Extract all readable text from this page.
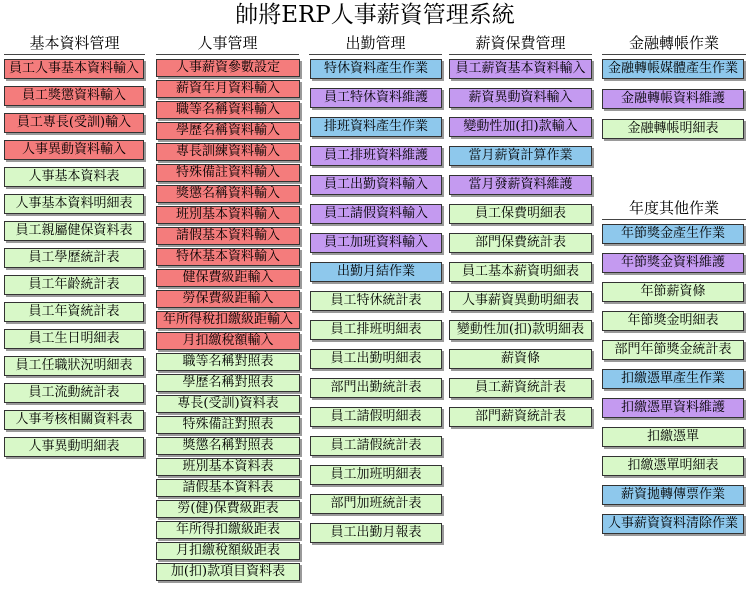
帥將ERP人事薪資管理系統
基本資料管理
員工人事基本資料輸入
員工獎懲資料輸入
員工專長(受訓)輸入
人事異動資料輸入
人事基本資料表
人事基本資料明細表
員工親屬健保資料表
員工學歷統計表
員工年齡統計表
員工年資統計表
員工生日明細表
員工任職狀況明細表
員工流動統計表
人事考核相關資料表
人事異動明細表
人事管理
人事薪資參數設定
薪資年月資料輸入
職等名稱資料輸入
學歷名稱資料輸入
專長訓練資料輸入
特殊備註資料輸入
獎懲名稱資料輸入
班別基本資料輸入
請假基本資料輸入
特休基本資料輸入
健保費級距輸入
勞保費級距輸入
年所得稅扣繳級距輸入
月扣繳稅額輸入
職等名稱對照表
學歷名稱對照表
專長(受訓)資料表
特殊備註對照表
獎懲名稱對照表
班別基本資料表
請假基本資料表
勞(健)保費級距表
年所得扣繳級距表
月扣繳稅額級距表
加(扣)款項目資料表
出勤管理
特休資料產生作業
員工特休資料維護
排班資料產生作業
員工排班資料維護
員工出勤資料輸入
員工請假資料輸入
員工加班資料輸入
出勤月結作業
員工特休統計表
員工排班明細表
員工出勤明細表
部門出勤統計表
員工請假明細表
員工請假統計表
員工加班明細表
部門加班統計表
員工出勤月報表
薪資保費管理
員工薪資基本資料輸入
薪資異動資料輸入
變動性加(扣)款輸入
當月薪資計算作業
當月發薪資料維護
員工保費明細表
部門保費統計表
員工基本薪資明細表
人事薪資異動明細表
變動性加(扣)款明細表
薪資條
員工薪資統計表
部門薪資統計表
金融轉帳作業
金融轉帳媒體產生作業
金融轉帳資料維護
金融轉帳明細表
年度其他作業
年節獎金產生作業
年節獎金資料維護
年節薪資條
年節獎金明細表
部門年節獎金統計表
扣繳憑單產生作業
扣繳憑單資料維護
扣繳憑單
扣繳憑單明細表
薪資拋轉傳票作業
人事薪資資料清除作業
